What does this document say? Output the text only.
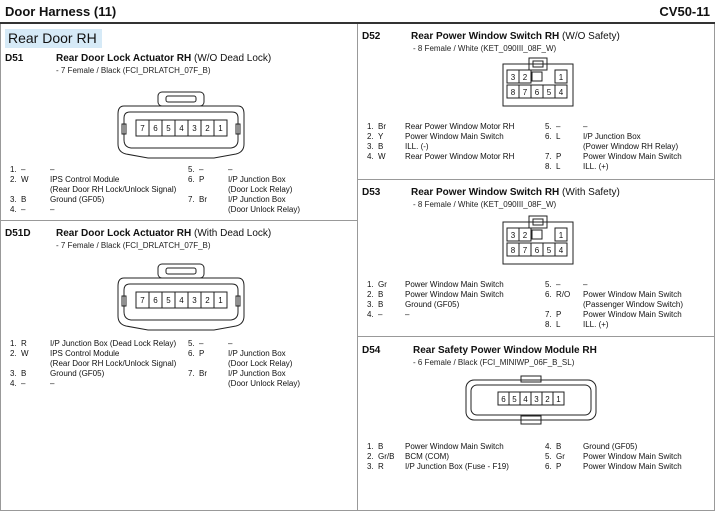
Door Harness (11)	CV50-11
Rear Door RH
D51	Rear Door Lock Actuator RH (W/O Dead Lock)
- 7 Female / Black (FCI_DRLATCH_07F_B)
7 6 5 4 3 2 1
1. –	–
2. W	IPS Control Module
(Rear Door RH Lock/Unlock Signal)
3. B	Ground (GF05)
4. –	–
5. –	–
6. P	I/P Junction Box
(Door Lock Relay)
7. Br	I/P Junction Box
(Door Unlock Relay)
D51D	Rear Door Lock Actuator RH (With Dead Lock)
- 7 Female / Black (FCI_DRLATCH_07F_B)
7 6 5 4 3 2 1
1. R	I/P Junction Box (Dead Lock Relay)
2. W	IPS Control Module
(Rear Door RH Lock/Unlock Signal)
3. B	Ground (GF05)
4. –	–
5. –	–
6. P	I/P Junction Box
(Door Lock Relay)
7. Br	I/P Junction Box
(Door Unlock Relay)
D52	Rear Power Window Switch RH (W/O Safety)
- 8 Female / White (KET_090III_08F_W)
3 2	1
8 7 6 5 4
1. Br Rear Power Window Motor RH
2. Y	Power Window Main Switch
3. B	ILL. (-)
4. W Rear Power Window Motor RH
5. –	–
6. L	I/P Junction Box
(Power Window RH Relay)
7. P	Power Window Main Switch
8. L	ILL. (+)
D53	Rear Power Window Switch RH (With Safety)
- 8 Female / White (KET_090III_08F_W)
3 2	1
8 7 6 5 4
1. Gr Power Window Main Switch
2. B	Power Window Main Switch
3. B	Ground (GF05)
4. –	–
5. –	–
6. R/O Power Window Main Switch
(Passenger Window Switch)
7. P	Power Window Main Switch
8. L	ILL. (+)
D54	Rear Safety Power Window Module RH
- 6 Female / Black (FCI_MINIWP_06F_B_SL)
6 5 4 3 2 1
1. B	Power Window Main Switch
2. Gr/B BCM (COM)
3. R	I/P Junction Box (Fuse - F19)
4. B	Ground (GF05)
5. Gr Power Window Main Switch
6. P	Power Window Main Switch
